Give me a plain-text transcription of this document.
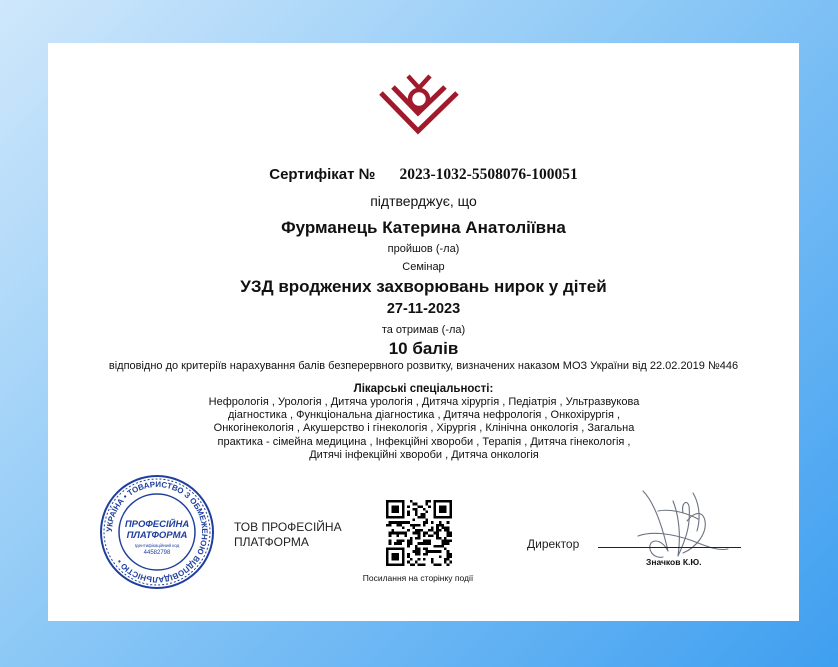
Сертифікат № 2023-1032-5508076-100051
підтверджує, що
Фурманець Катерина Анатоліївна
пройшов (-ла)
Семінар
УЗД вроджених захворювань нирок у дітей
27-11-2023
та отримав (-ла)
10 балів
відповідно до критеріїв нарахування балів безперервного розвитку, визначених наказом МОЗ України від 22.02.2019 №446
Лікарські спеціальності:
Нефрологія , Урологія , Дитяча урологія , Дитяча хірургія , Педіатрія , Ультразвукова
діагностика , Функціональна діагностика , Дитяча нефрологія , Онкохірургія ,
Онкогінекологія , Акушерство і гінекологія , Хірургія , Клінічна онкологія , Загальна
практика - сімейна медицина , Інфекційні хвороби , Терапія , Дитяча гінекологія ,
Дитячі інфекційні хвороби , Дитяча онкологія
УКРАЇНА • ТОВАРИСТВО З ОБМЕЖЕНОЮ ВІДПОВІДАЛЬНІСТЮ •
ПРОФЕСІЙНА
ПЛАТФОРМА
Ідентифікаційний код
44582798
ТОВ ПРОФЕСІЙНА
ПЛАТФОРМА
Посилання на сторінку події
Директор
Значков К.Ю.
